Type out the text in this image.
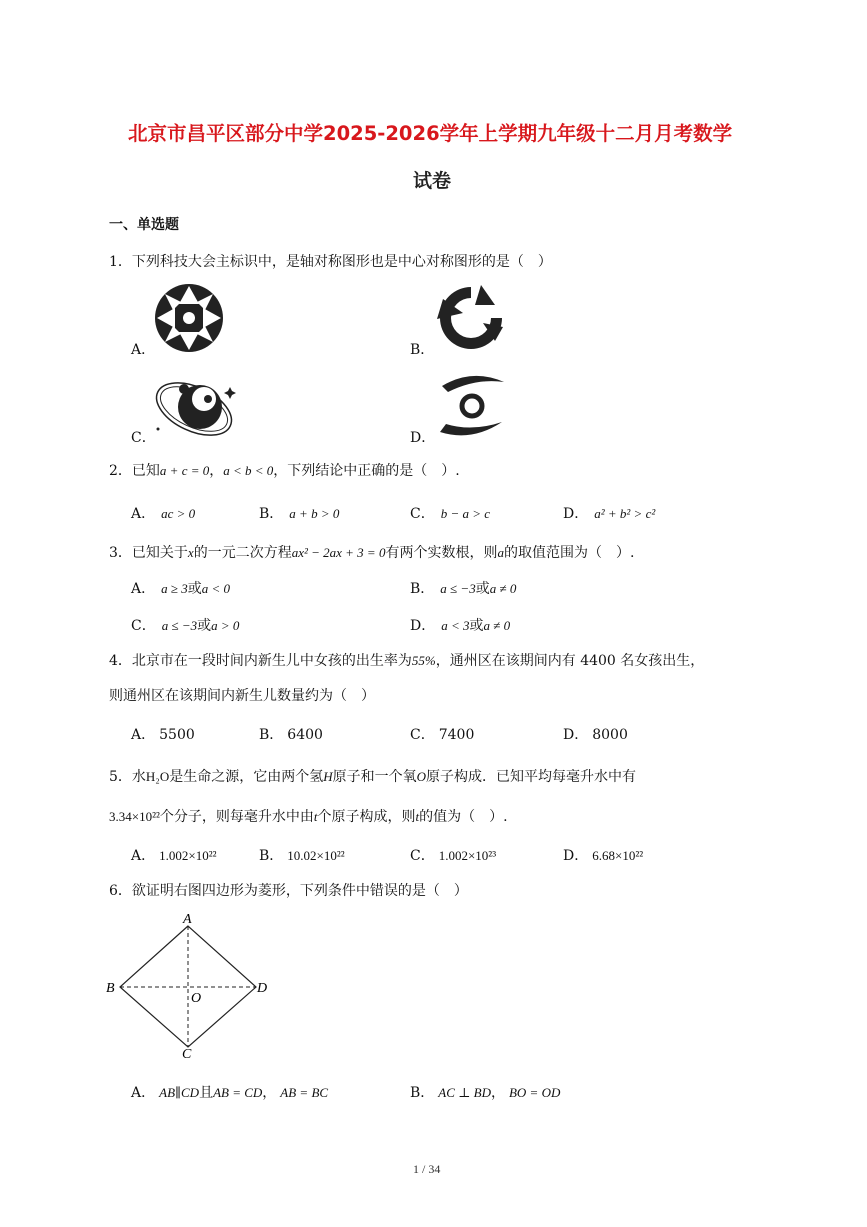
北京市昌平区部分中学2025-2026学年上学期九年级十二月月考数学
试卷
一、单选题
1．下列科技大会主标识中，是轴对称图形也是中心对称图形的是（　）
A．	B．
C．	D．
2．已知a + c = 0，a < b < 0，下列结论中正确的是（　）.
A． ac > 0	B． a + b > 0	C． b − a > c	D． a² + b² > c²
3．已知关于x的一元二次方程ax² − 2ax + 3 = 0有两个实数根，则a的取值范围为（　）.
A． a ≥ 3或a < 0	B． a ≤ −3或a ≠ 0
C． a ≤ −3或a > 0	D． a < 3或a ≠ 0
4．北京市在一段时间内新生儿中女孩的出生率为55%，通州区在该期间内有 4400 名女孩出生，
则通州区在该期间内新生儿数量约为（　）
A． 5500	B． 6400	C． 7400	D． 8000
5．水H₂O是生命之源，它由两个氢H原子和一个氧O原子构成．已知平均每毫升水中有
3.34×10²²个分子，则每毫升水中由t个原子构成，则t的值为（　）.
A． 1.002×10²²	B． 10.02×10²²	C． 1.002×10²³	D． 6.68×10²²
6．欲证明右图四边形为菱形，下列条件中错误的是（　）
A
B
C
D
O
A． AB∥CD且AB = CD， AB = BC	B． AC ⊥ BD， BO = OD
1 / 34
